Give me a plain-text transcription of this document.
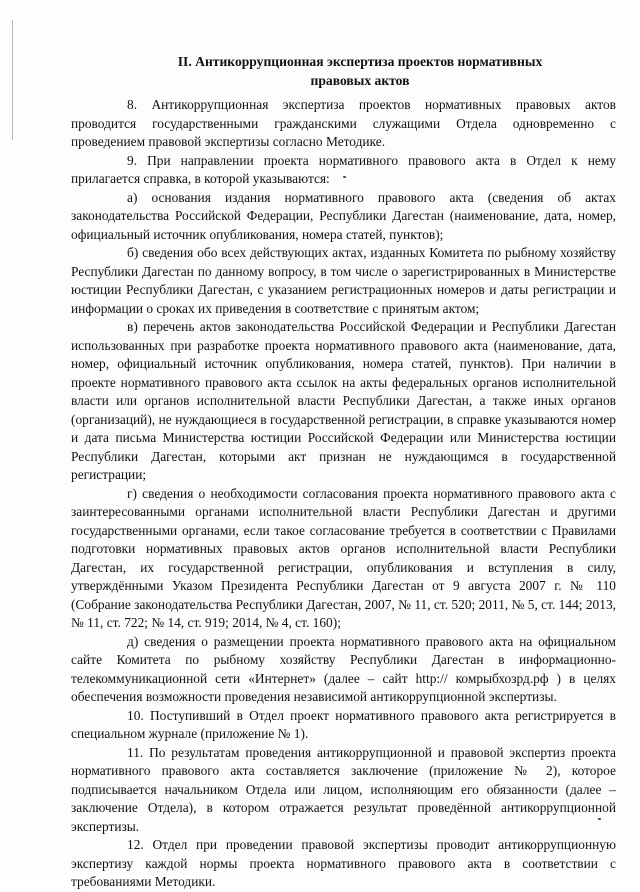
II. Антикоррупционная экспертиза проектов нормативных
правовых актов

8. Антикоррупционная экспертиза проектов нормативных правовых актов проводится государственными гражданскими служащими Отдела одновременно с проведением правовой экспертизы согласно Методике.

9. При направлении проекта нормативного правового акта в Отдел к нему прилагается справка, в которой указываются:

а) основания издания нормативного правового акта (сведения об актах законодательства Российской Федерации, Республики Дагестан (наименование, дата, номер, официальный источник опубликования, номера статей, пунктов);

б) сведения обо всех действующих актах, изданных Комитета по рыбному хозяйству Республики Дагестан по данному вопросу, в том числе о зарегистрированных в Министерстве юстиции Республики Дагестан, с указанием регистрационных номеров и даты регистрации и информации о сроках их приведения в соответствие с принятым актом;

в) перечень актов законодательства Российской Федерации и Республики Дагестан использованных при разработке проекта нормативного правового акта (наименование, дата, номер, официальный источник опубликования, номера статей, пунктов). При наличии в проекте нормативного правового акта ссылок на акты федеральных органов исполнительной власти или органов исполнительной власти Республики Дагестан, а также иных органов (организаций), не нуждающиеся в государственной регистрации, в справке указываются номер и дата письма Министерства юстиции Российской Федерации или Министерства юстиции Республики Дагестан, которыми акт признан не нуждающимся в государственной регистрации;

г) сведения о необходимости согласования проекта нормативного правового акта с заинтересованными органами исполнительной власти Республики Дагестан и другими государственными органами, если такое согласование требуется в соответствии с Правилами подготовки нормативных правовых актов органов исполнительной власти Республики Дагестан, их государственной регистрации, опубликования и вступления в силу, утверждёнными Указом Президента Республики Дагестан от 9 августа 2007 г. № 110 (Собрание законодательства Республики Дагестан, 2007, № 11, ст. 520; 2011, № 5, ст. 144; 2013, № 11, ст. 722; № 14, ст. 919; 2014, № 4, ст. 160);

д) сведения о размещении проекта нормативного правового акта на официальном сайте Комитета по рыбному хозяйству Республики Дагестан в информационно-телекоммуникационной сети «Интернет» (далее – сайт http:// комрыбхозрд.рф ) в целях обеспечения возможности проведения независимой антикоррупционной экспертизы.

10. Поступивший в Отдел проект нормативного правового акта регистрируется в специальном журнале (приложение № 1).

11. По результатам проведения антикоррупционной и правовой экспертиз проекта нормативного правового акта составляется заключение (приложение № 2), которое подписывается начальником Отдела или лицом, исполняющим его обязанности (далее – заключение Отдела), в котором отражается результат проведённой антикоррупционной экспертизы.

12. Отдел при проведении правовой экспертизы проводит антикоррупционную экспертизу каждой нормы проекта нормативного правового акта в соответствии с требованиями Методики.
